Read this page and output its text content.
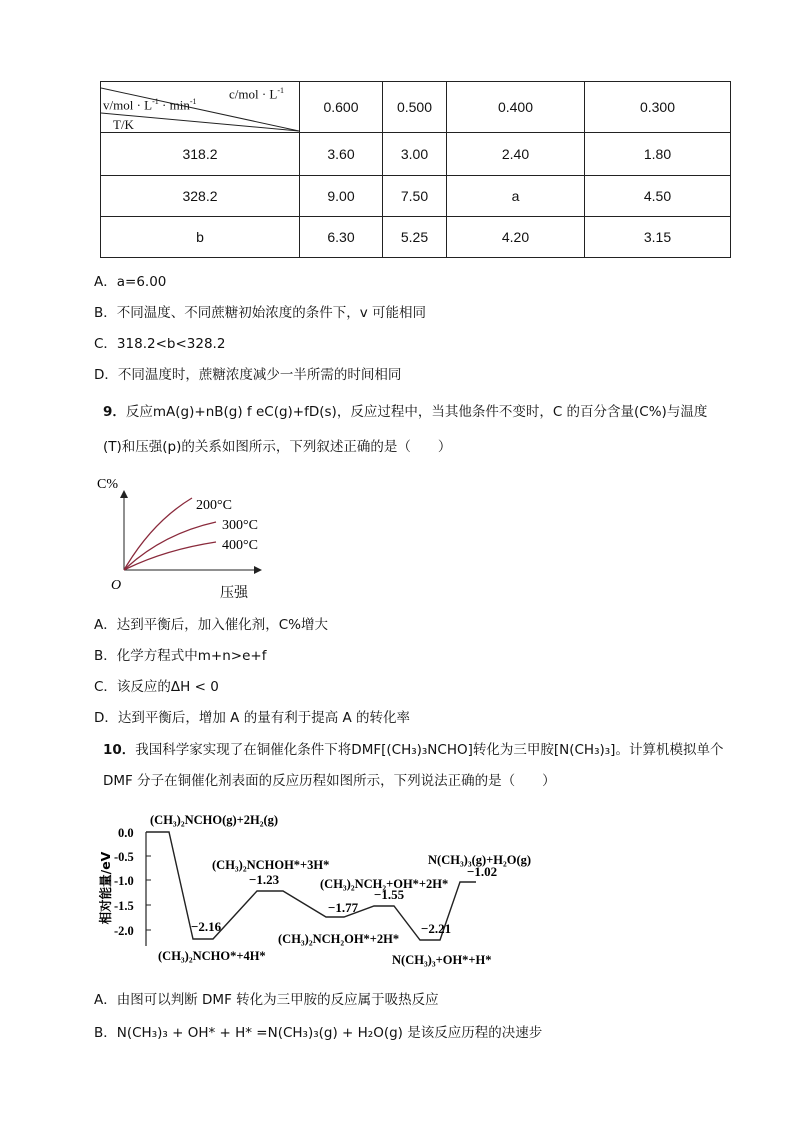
$c/mol \cdot L^{-1}$
$v/mol \cdot L^{-1} \cdot \min^{-1}$
T/K	0.600	0.500	0.400	0.300
318.2	3.60	3.00	2.40	1.80
328.2	9.00	7.50	a	4.50
b	6.30	5.25	4.20	3.15
A．a=6.00
B．不同温度、不同蔗糖初始浓度的条件下，v 可能相同
C．318.2<b<328.2
D．不同温度时，蔗糖浓度减少一半所需的时间相同
9．反应mA(g)+nB(g) f eC(g)+fD(s)，反应过程中，当其他条件不变时，C 的百分含量(C%)与温度
(T)和压强(p)的关系如图所示，下列叙述正确的是（　　）
C%
O
压强
200°C
300°C
400°C
A．达到平衡后，加入催化剂，C%增大
B．化学方程式中m+n>e+f
C．该反应的ΔH < 0
D．达到平衡后，增加 A 的量有利于提高 A 的转化率
10．我国科学家实现了在铜催化条件下将DMF[(CH₃)₃NCHO]转化为三甲胺[N(CH₃)₃]。计算机模拟单个
DMF 分子在铜催化剂表面的反应历程如图所示，下列说法正确的是（　　）
0.0
-0.5
-1.0
-1.5
-2.0
相对能量/eV
−2.16
−1.23
−1.77
−1.55
−2.21
−1.02
(CH₃)₂NCHO(g)+2H₂(g)
(CH₃)₂NCHOH*+3H*
(CH₃)₂NCH₂+OH*+2H*
N(CH₃)₃(g)+H₂O(g)
(CH₃)₂NCHO*+4H*
(CH₃)₂NCH₂OH*+2H*
N(CH₃)₃+OH*+H*
A．由图可以判断 DMF 转化为三甲胺的反应属于吸热反应
B．N(CH₃)₃ + OH* + H* =N(CH₃)₃(g) + H₂O(g) 是该反应历程的决速步
